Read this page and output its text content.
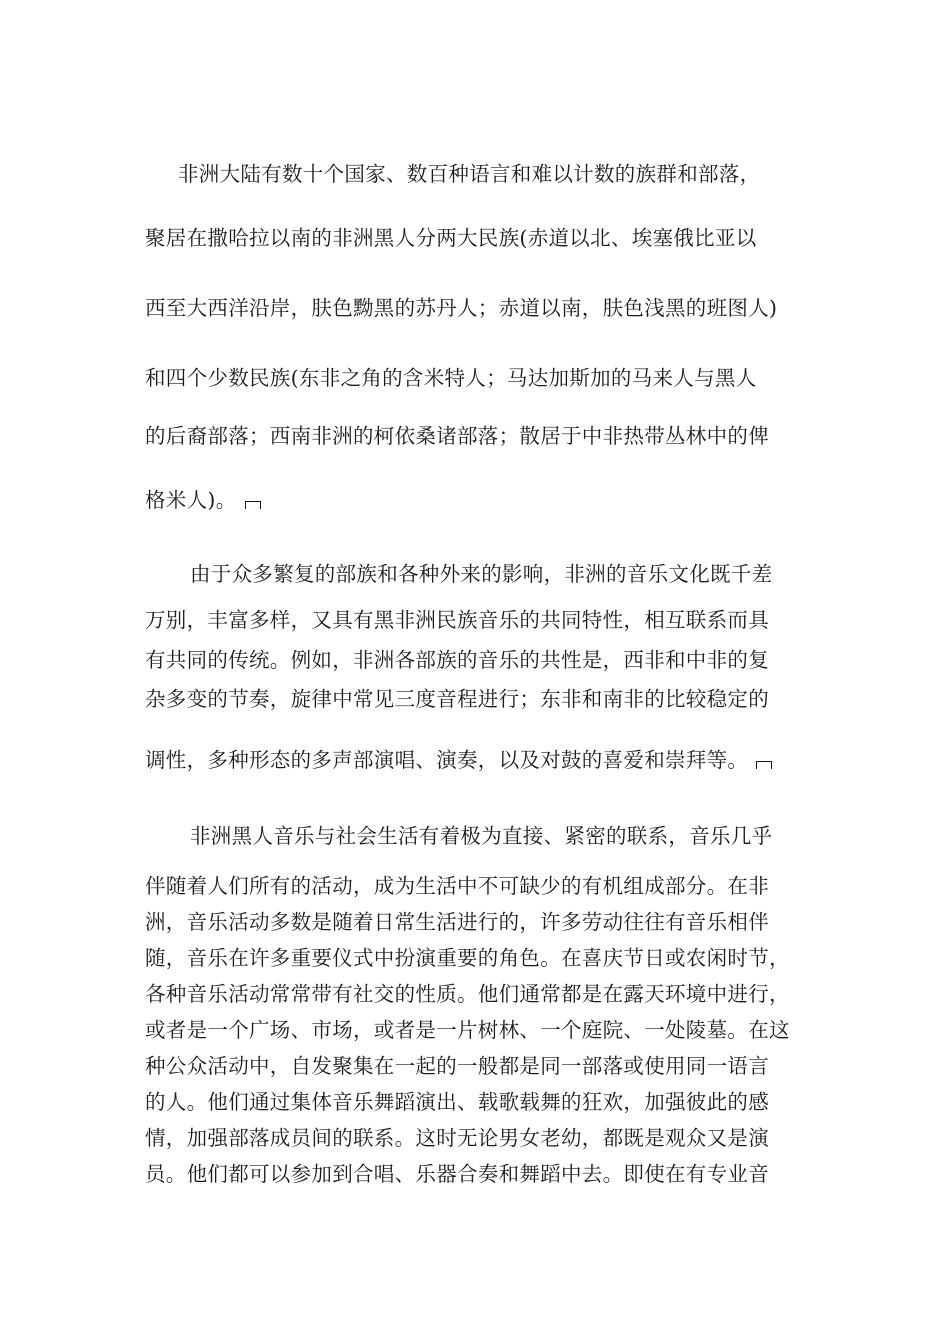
非洲大陆有数十个国家、数百种语言和难以计数的族群和部落，
聚居在撒哈拉以南的非洲黑人分两大民族(赤道以北、埃塞俄比亚以
西至大西洋沿岸，肤色黝黑的苏丹人；赤道以南，肤色浅黑的班图人)
和四个少数民族(东非之角的含米特人；马达加斯加的马来人与黑人
的后裔部落；西南非洲的柯依桑诸部落；散居于中非热带丛林中的俾
格米人)。
由于众多繁复的部族和各种外来的影响，非洲的音乐文化既千差
万别，丰富多样，又具有黑非洲民族音乐的共同特性，相互联系而具
有共同的传统。例如，非洲各部族的音乐的共性是，西非和中非的复
杂多变的节奏，旋律中常见三度音程进行；东非和南非的比较稳定的
调性，多种形态的多声部演唱、演奏，以及对鼓的喜爱和崇拜等。
非洲黑人音乐与社会生活有着极为直接、紧密的联系，音乐几乎
伴随着人们所有的活动，成为生活中不可缺少的有机组成部分。在非
洲，音乐活动多数是随着日常生活进行的，许多劳动往往有音乐相伴
随，音乐在许多重要仪式中扮演重要的角色。在喜庆节日或农闲时节，
各种音乐活动常常带有社交的性质。他们通常都是在露天环境中进行，
或者是一个广场、市场，或者是一片树林、一个庭院、一处陵墓。在这
种公众活动中，自发聚集在一起的一般都是同一部落或使用同一语言
的人。他们通过集体音乐舞蹈演出、载歌载舞的狂欢，加强彼此的感
情，加强部落成员间的联系。这时无论男女老幼，都既是观众又是演
员。他们都可以参加到合唱、乐器合奏和舞蹈中去。即使在有专业音
